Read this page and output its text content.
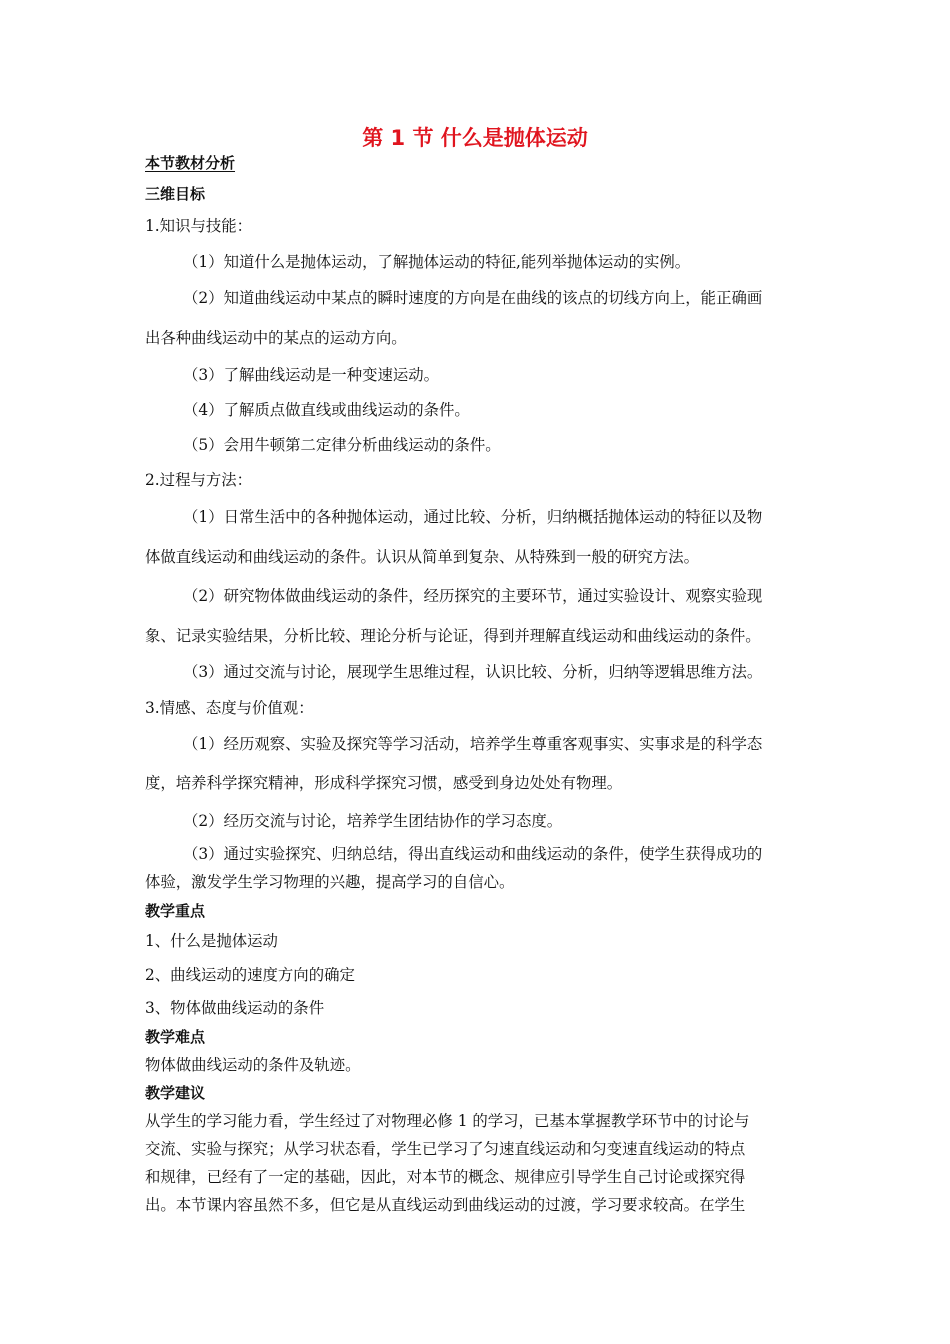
第 1 节 什么是抛体运动
本节教材分析
三维目标
1.知识与技能：
（1）知道什么是抛体运动，了解抛体运动的特征,能列举抛体运动的实例。
（2）知道曲线运动中某点的瞬时速度的方向是在曲线的该点的切线方向上，能正确画
出各种曲线运动中的某点的运动方向。
（3）了解曲线运动是一种变速运动。
（4）了解质点做直线或曲线运动的条件。
（5）会用牛顿第二定律分析曲线运动的条件。
2.过程与方法：
（1）日常生活中的各种抛体运动，通过比较、分析，归纳概括抛体运动的特征以及物
体做直线运动和曲线运动的条件。认识从简单到复杂、从特殊到一般的研究方法。
（2）研究物体做曲线运动的条件，经历探究的主要环节，通过实验设计、观察实验现
象、记录实验结果，分析比较、理论分析与论证，得到并理解直线运动和曲线运动的条件。
（3）通过交流与讨论，展现学生思维过程，认识比较、分析，归纳等逻辑思维方法。
3.情感、态度与价值观：
（1）经历观察、实验及探究等学习活动，培养学生尊重客观事实、实事求是的科学态
度，培养科学探究精神，形成科学探究习惯，感受到身边处处有物理。
（2）经历交流与讨论，培养学生团结协作的学习态度。
（3）通过实验探究、归纳总结，得出直线运动和曲线运动的条件，使学生获得成功的
体验，激发学生学习物理的兴趣，提高学习的自信心。
教学重点
1、什么是抛体运动
2、曲线运动的速度方向的确定
3、物体做曲线运动的条件
教学难点
物体做曲线运动的条件及轨迹。
教学建议
从学生的学习能力看，学生经过了对物理必修 1 的学习，已基本掌握教学环节中的讨论与
交流、实验与探究；从学习状态看，学生已学习了匀速直线运动和匀变速直线运动的特点
和规律，已经有了一定的基础，因此，对本节的概念、规律应引导学生自己讨论或探究得
出。本节课内容虽然不多，但它是从直线运动到曲线运动的过渡，学习要求较高。在学生
